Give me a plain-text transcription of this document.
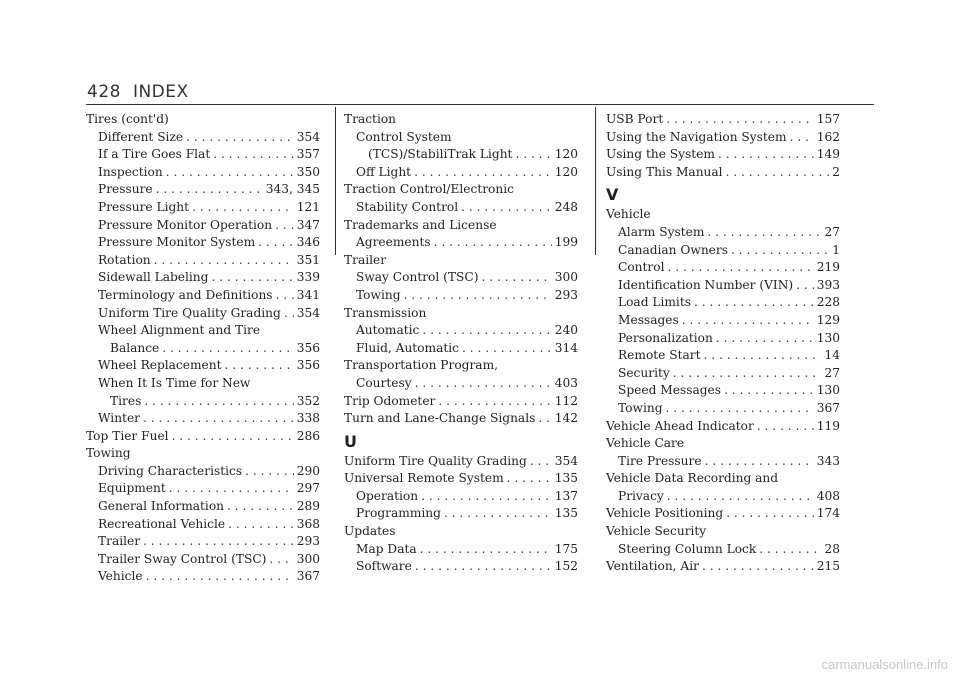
428 INDEX
Tires (cont'd)
Different Size . . .	354
If a Tire Goes Flat . . .	357
Inspection . . .	350
Pressure . . .	343, 345
Pressure Light . . .	121
Pressure Monitor Operation . . . 347
Pressure Monitor System . . .	346
Rotation . . .	351
Sidewall Labeling . . .	339
Terminology and Definitions . . . 341
Uniform Tire Quality Grading . . . 354
Wheel Alignment and Tire
Balance . . .	356
Wheel Replacement . . .	356
When It Is Time for New
Tires . . .	352
Winter . . .	338
Top Tier Fuel . . .	286
Towing
Driving Characteristics . . .	290
Equipment . . .	297
General Information . . .	289
Recreational Vehicle . . .	368
Trailer . . .	293
Trailer Sway Control (TSC) . . . 300
Vehicle . . .	367
Traction
Control System
(TCS)/StabiliTrak Light . . .	120
Off Light . . .	120
Traction Control/Electronic
Stability Control . . .	248
Trademarks and License
Agreements . . .	199
Trailer
Sway Control (TSC) . . .	300
Towing . . .	293
Transmission
Automatic . . .	240
Fluid, Automatic . . .	314
Transportation Program,
Courtesy . . .	403
Trip Odometer . . .	112
Turn and Lane-Change Signals . . . 142
U
Uniform Tire Quality Grading . . . 354
Universal Remote System . . .	135
Operation . . .	137
Programming . . .	135
Updates
Map Data . . .	175
Software . . .	152
USB Port . . .	157
Using the Navigation System . . . 162
Using the System . . .	149
Using This Manual . . .	2
V
Vehicle
Alarm System . . .	27
Canadian Owners . . .	1
Control . . .	219
Identification Number (VIN) . . . 393
Load Limits . . .	228
Messages . . .	129
Personalization . . .	130
Remote Start . . .	14
Security . . .	27
Speed Messages . . .	130
Towing . . .	367
Vehicle Ahead Indicator . . .	119
Vehicle Care
Tire Pressure . . .	343
Vehicle Data Recording and
Privacy . . .	408
Vehicle Positioning . . .	174
Vehicle Security
Steering Column Lock . . .	28
Ventilation, Air . . .	215
carmanualsonline.info
